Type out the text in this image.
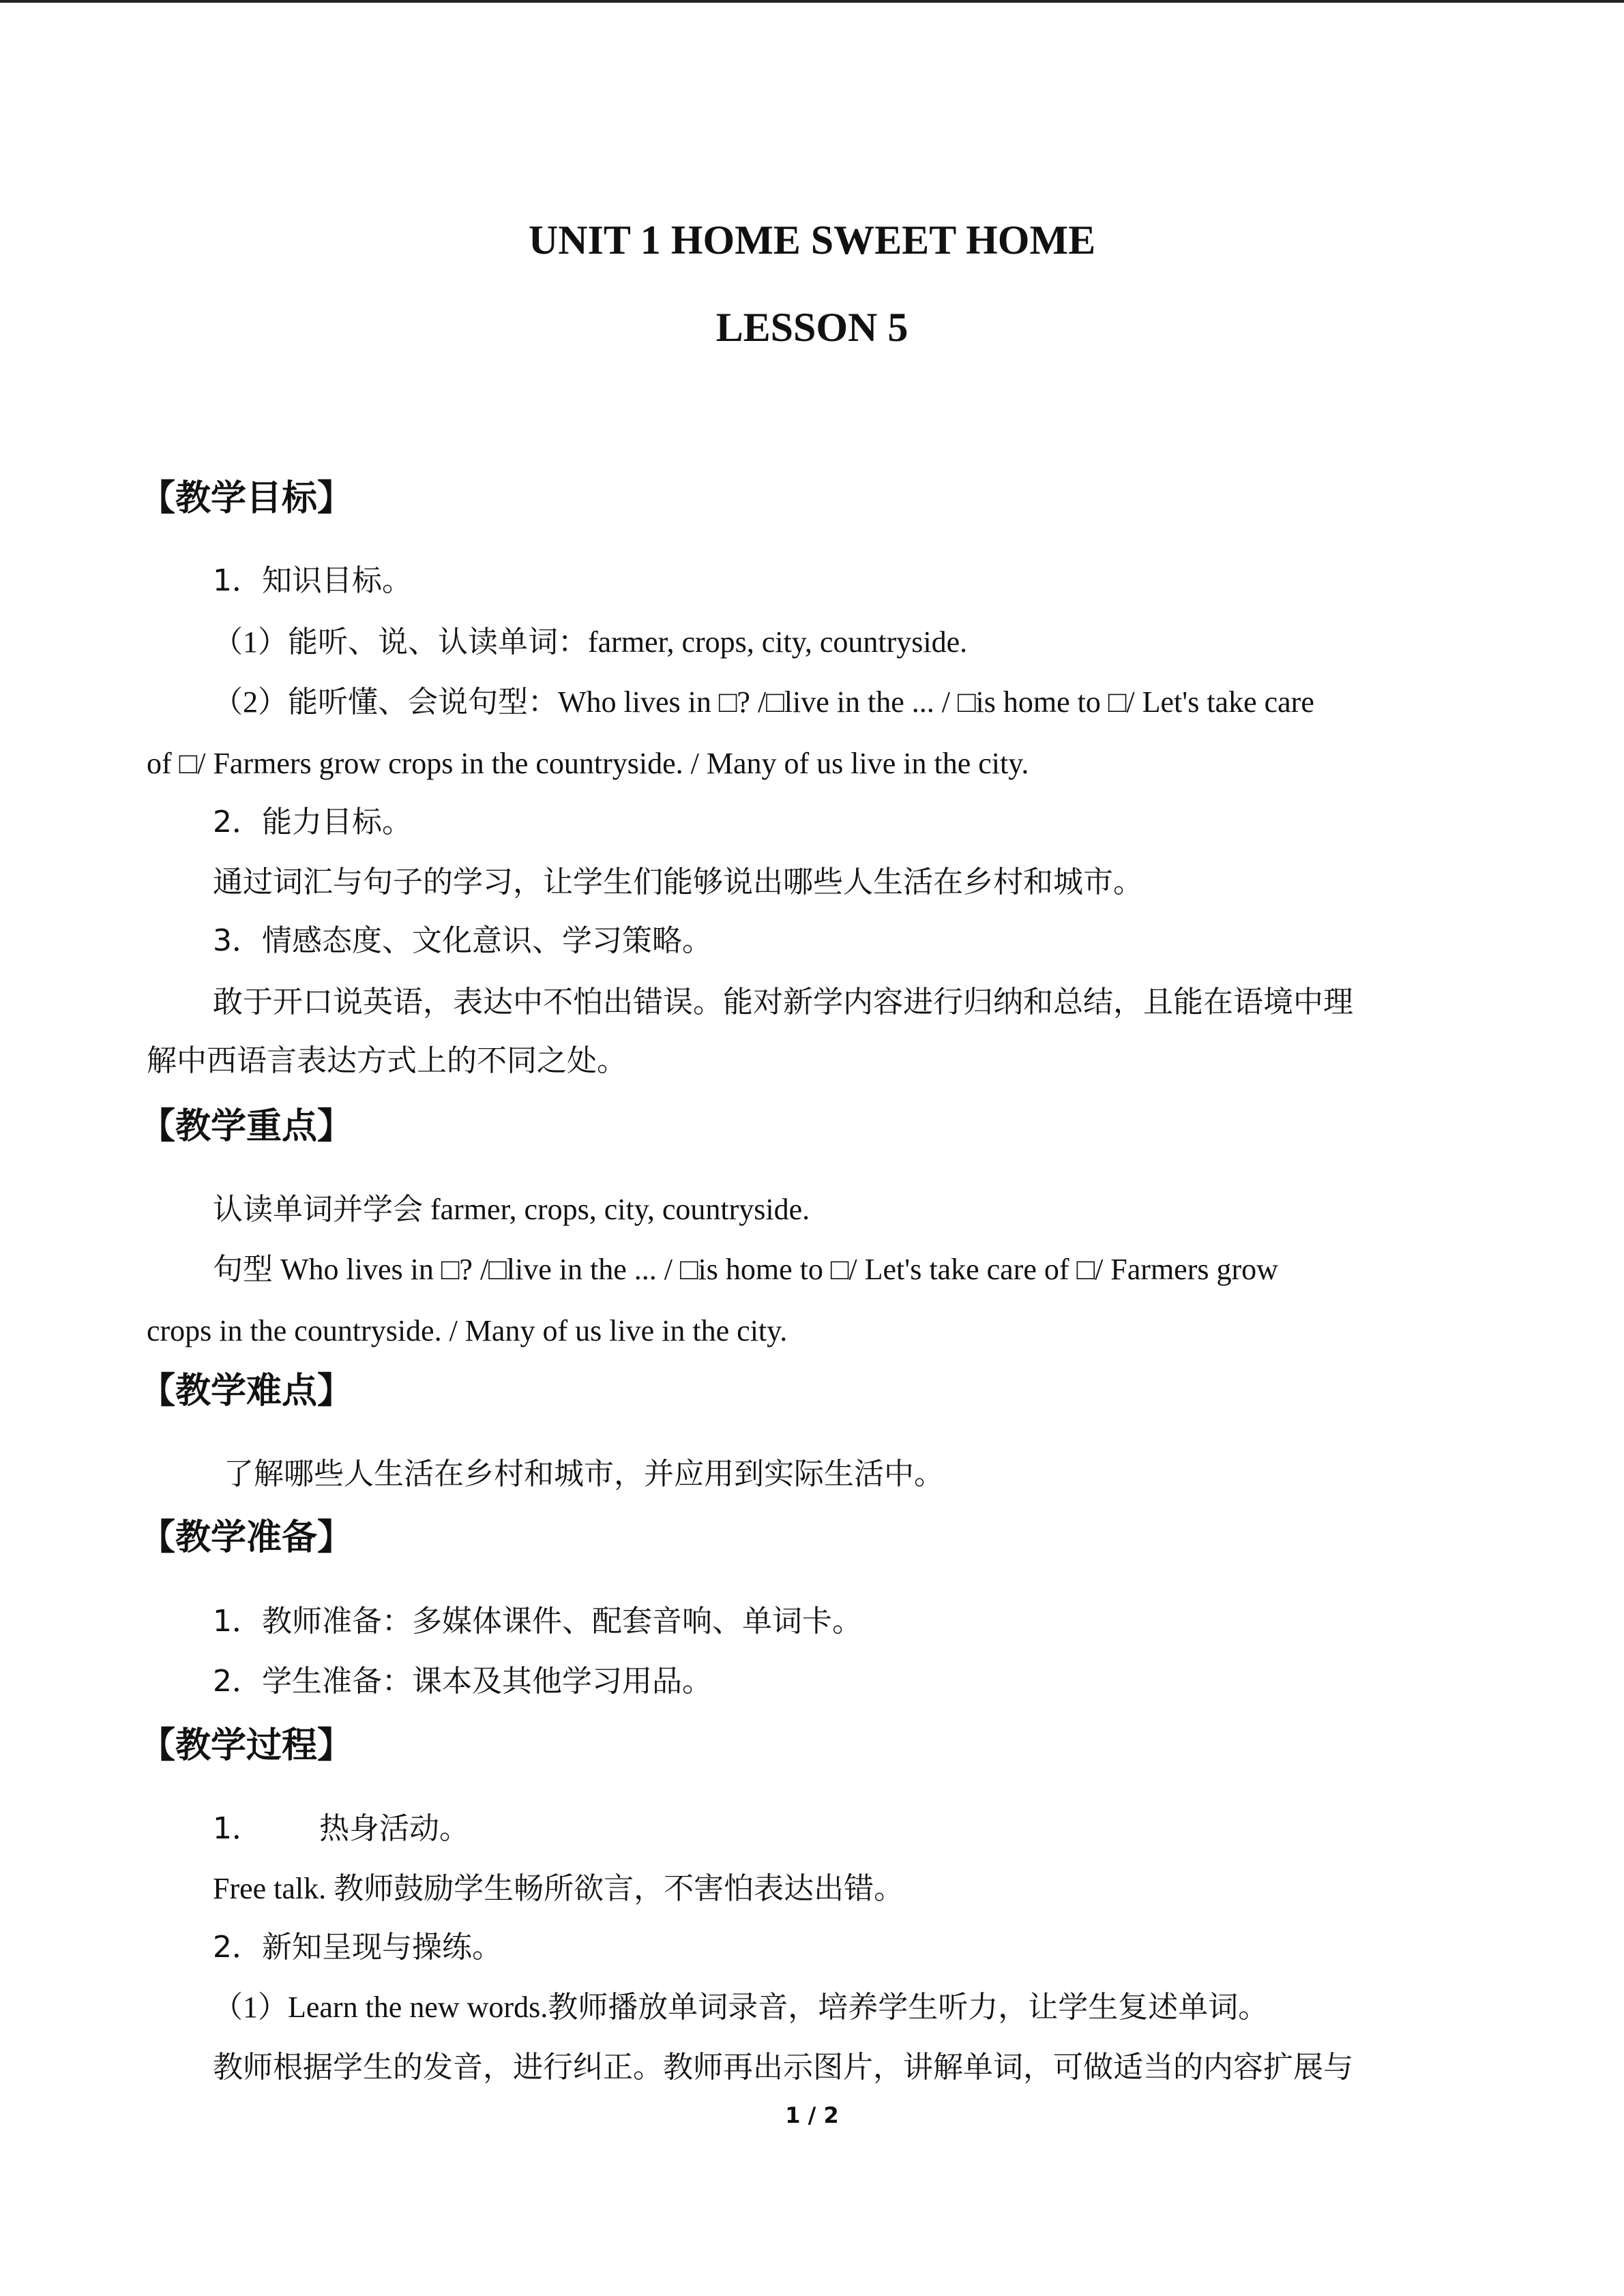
UNIT 1 HOME SWEET HOME
LESSON 5
【教学目标】
1．知识目标。
（1）能听、说、认读单词：farmer, crops, city, countryside.
（2）能听懂、会说句型：Who lives in □? /□live in the ... / □is home to □/ Let's take care
of □/ Farmers grow crops in the countryside. / Many of us live in the city.
2．能力目标。
通过词汇与句子的学习，让学生们能够说出哪些人生活在乡村和城市。
3．情感态度、文化意识、学习策略。
敢于开口说英语，表达中不怕出错误。能对新学内容进行归纳和总结，且能在语境中理
解中西语言表达方式上的不同之处。
【教学重点】
认读单词并学会 farmer, crops, city, countryside.
句型 Who lives in □? /□live in the ... / □is home to □/ Let's take care of □/ Farmers grow
crops in the countryside. / Many of us live in the city.
【教学难点】
了解哪些人生活在乡村和城市，并应用到实际生活中。
【教学准备】
1．教师准备：多媒体课件、配套音响、单词卡。
2．学生准备：课本及其他学习用品。
【教学过程】
1． 热身活动。
Free talk. 教师鼓励学生畅所欲言，不害怕表达出错。
2．新知呈现与操练。
（1）Learn the new words.教师播放单词录音，培养学生听力，让学生复述单词。
教师根据学生的发音，进行纠正。教师再出示图片，讲解单词，可做适当的内容扩展与
1 / 2
